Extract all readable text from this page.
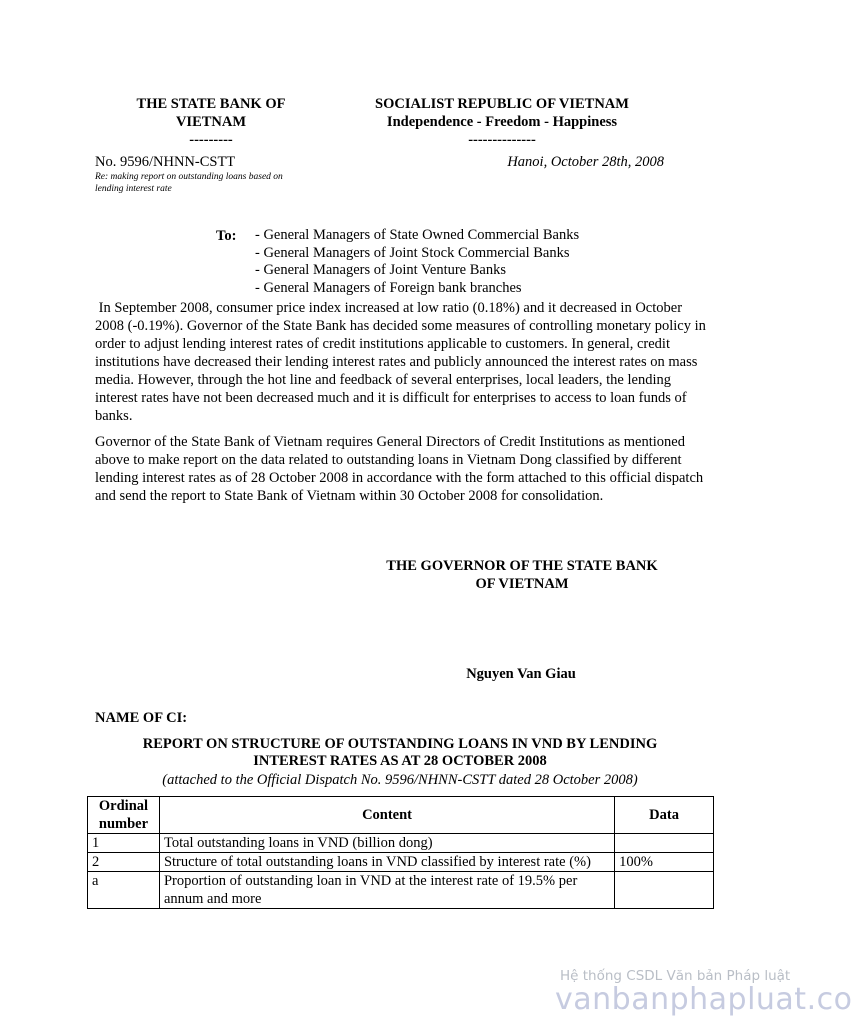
THE STATE BANK OF
VIETNAM
---------
SOCIALIST REPUBLIC OF VIETNAM
Independence - Freedom - Happiness
--------------
No. 9596/NHNN-CSTT
Re: making report on outstanding loans based on lending interest rate
Hanoi, October 28th, 2008
To: - General Managers of State Owned Commercial Banks
- General Managers of Joint Stock Commercial Banks
- General Managers of Joint Venture Banks
- General Managers of Foreign bank branches
In September 2008, consumer price index increased at low ratio (0.18%) and it decreased in October 2008 (-0.19%). Governor of the State Bank has decided some measures of controlling monetary policy in order to adjust lending interest rates of credit institutions applicable to customers. In general, credit institutions have decreased their lending interest rates and publicly announced the interest rates on mass media. However, through the hot line and feedback of several enterprises, local leaders, the lending interest rates have not been decreased much and it is difficult for enterprises to access to loan funds of banks.
Governor of the State Bank of Vietnam requires General Directors of Credit Institutions as mentioned above to make report on the data related to outstanding loans in Vietnam Dong classified by different lending interest rates as of 28 October 2008 in accordance with the form attached to this official dispatch and send the report to State Bank of Vietnam within 30 October 2008 for consolidation.
THE GOVERNOR OF THE STATE BANK
OF VIETNAM
Nguyen Van Giau
NAME OF CI:
REPORT ON STRUCTURE OF OUTSTANDING LOANS IN VND BY LENDING
INTEREST RATES AS AT 28 OCTOBER 2008
(attached to the Official Dispatch No. 9596/NHNN-CSTT dated 28 October 2008)
Ordinal
number	Content	Data
1	Total outstanding loans in VND (billion dong)	
2	Structure of total outstanding loans in VND classified by interest rate (%)	100%
a	Proportion of outstanding loan in VND at the interest rate of 19.5% per annum and more	
Hệ thống CSDL Văn bản Pháp luật
vanbanphapluat.co
